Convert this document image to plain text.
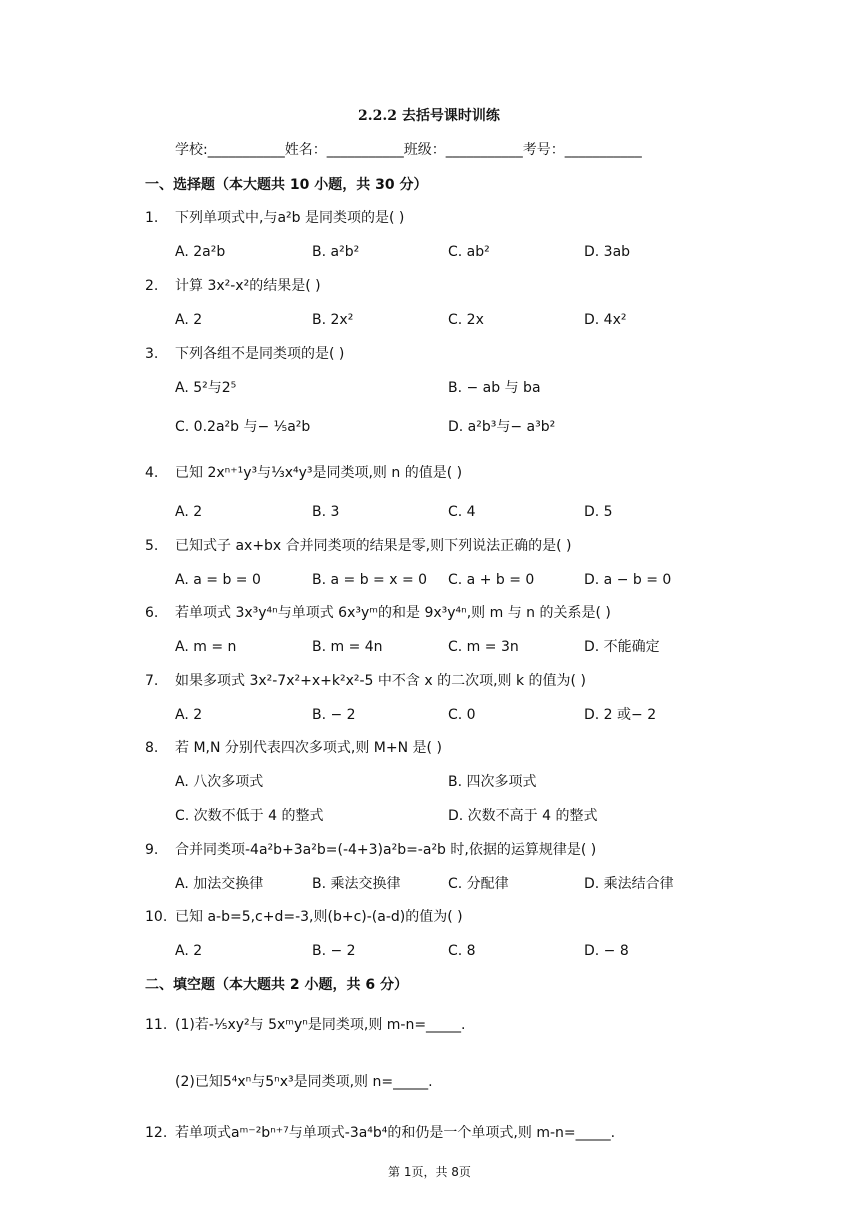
2.2.2 去括号课时训练
学校:___________姓名：___________班级：___________考号：___________
一、选择题（本大题共 10 小题，共 30 分）
1. 下列单项式中,与a²b 是同类项的是( )
A. 2a²b	B. a²b²	C. ab²	D. 3ab
2. 计算 3x²-x²的结果是( )
A. 2	B. 2x²	C. 2x	D. 4x²
3. 下列各组不是同类项的是( )
A. 5²与2⁵	B. − ab 与 ba
C. 0.2a²b 与− ⅕a²b	D. a²b³与− a³b²
4. 已知 2xⁿ⁺¹y³与⅓x⁴y³是同类项,则 n 的值是( )
A. 2	B. 3	C. 4	D. 5
5. 已知式子 ax+bx 合并同类项的结果是零,则下列说法正确的是( )
A. a = b = 0	B. a = b = x = 0 C. a + b = 0	D. a − b = 0
6. 若单项式 3x³y⁴ⁿ与单项式 6x³yᵐ的和是 9x³y⁴ⁿ,则 m 与 n 的关系是( )
A. m = n	B. m = 4n	C. m = 3n	D. 不能确定
7. 如果多项式 3x²-7x²+x+k²x²-5 中不含 x 的二次项,则 k 的值为( )
A. 2	B. − 2	C. 0	D. 2 或− 2
8. 若 M,N 分别代表四次多项式,则 M+N 是( )
A. 八次多项式	B. 四次多项式
C. 次数不低于 4 的整式	D. 次数不高于 4 的整式
9. 合并同类项-4a²b+3a²b=(-4+3)a²b=-a²b 时,依据的运算规律是( )
A. 加法交换律	B. 乘法交换律	C. 分配律	D. 乘法结合律
10. 已知 a-b=5,c+d=-3,则(b+c)-(a-d)的值为( )
A. 2	B. − 2	C. 8	D. − 8
二、填空题（本大题共 2 小题，共 6 分）
11. (1)若-⅕xy²与 5xᵐyⁿ是同类项,则 m-n=_____.
(2)已知5⁴xⁿ与5ⁿx³是同类项,则 n=_____.
12. 若单项式aᵐ⁻²bⁿ⁺⁷与单项式-3a⁴b⁴的和仍是一个单项式,则 m-n=_____.
第 1页，共 8页
